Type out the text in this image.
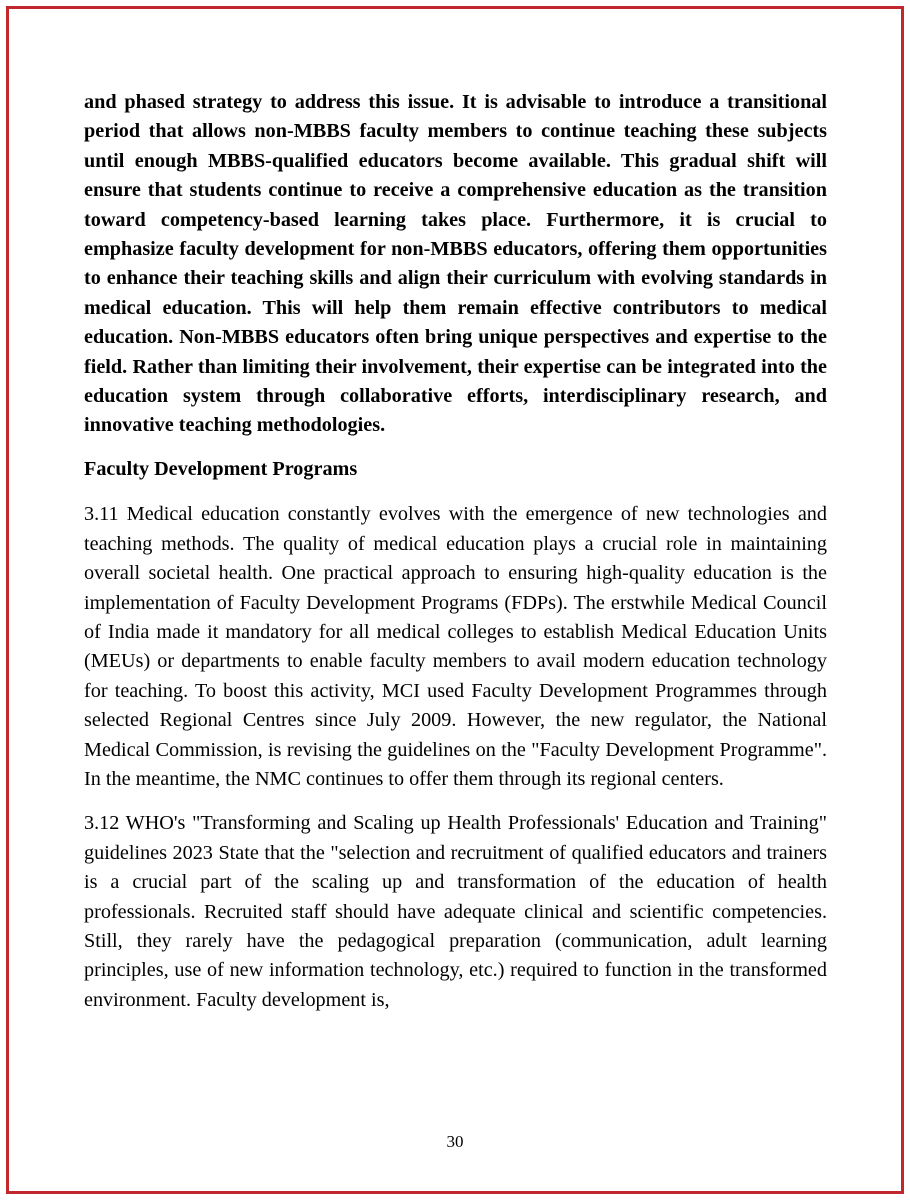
and phased strategy to address this issue. It is advisable to introduce a transitional period that allows non-MBBS faculty members to continue teaching these subjects until enough MBBS-qualified educators become available. This gradual shift will ensure that students continue to receive a comprehensive education as the transition toward competency-based learning takes place. Furthermore, it is crucial to emphasize faculty development for non-MBBS educators, offering them opportunities to enhance their teaching skills and align their curriculum with evolving standards in medical education. This will help them remain effective contributors to medical education. Non-MBBS educators often bring unique perspectives and expertise to the field. Rather than limiting their involvement, their expertise can be integrated into the education system through collaborative efforts, interdisciplinary research, and innovative teaching methodologies.

Faculty Development Programs

3.11 Medical education constantly evolves with the emergence of new technologies and teaching methods. The quality of medical education plays a crucial role in maintaining overall societal health. One practical approach to ensuring high-quality education is the implementation of Faculty Development Programs (FDPs). The erstwhile Medical Council of India made it mandatory for all medical colleges to establish Medical Education Units (MEUs) or departments to enable faculty members to avail modern education technology for teaching. To boost this activity, MCI used Faculty Development Programmes through selected Regional Centres since July 2009. However, the new regulator, the National Medical Commission, is revising the guidelines on the "Faculty Development Programme". In the meantime, the NMC continues to offer them through its regional centers.

3.12 WHO's "Transforming and Scaling up Health Professionals' Education and Training" guidelines 2023 State that the "selection and recruitment of qualified educators and trainers is a crucial part of the scaling up and transformation of the education of health professionals. Recruited staff should have adequate clinical and scientific competencies. Still, they rarely have the pedagogical preparation (communication, adult learning principles, use of new information technology, etc.) required to function in the transformed environment. Faculty development is,

30
